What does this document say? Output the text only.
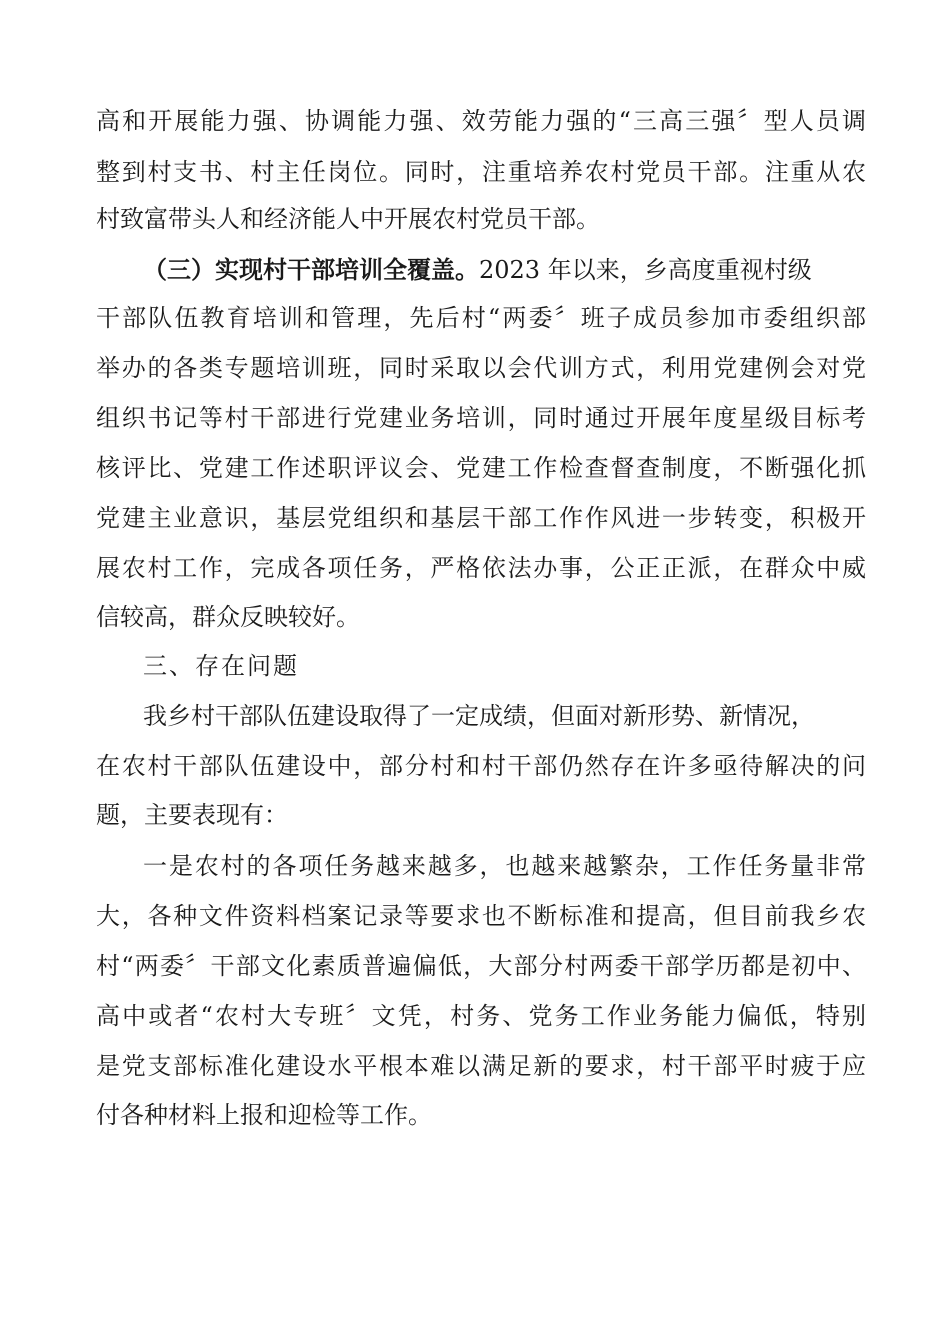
高和开展能力强、协调能力强、效劳能力强的“三高三强〞型人员调
整到村支书、村主任岗位。同时，注重培养农村党员干部。注重从农
村致富带头人和经济能人中开展农村党员干部。
（三）实现村干部培训全覆盖。2023 年以来，乡高度重视村级
干部队伍教育培训和管理，先后村“两委〞班子成员参加市委组织部
举办的各类专题培训班，同时采取以会代训方式，利用党建例会对党
组织书记等村干部进行党建业务培训，同时通过开展年度星级目标考
核评比、党建工作述职评议会、党建工作检查督查制度，不断强化抓
党建主业意识，基层党组织和基层干部工作作风进一步转变，积极开
展农村工作，完成各项任务，严格依法办事，公正正派，在群众中威
信较高，群众反映较好。
三、存在问题
我乡村干部队伍建设取得了一定成绩，但面对新形势、新情况，
在农村干部队伍建设中，部分村和村干部仍然存在许多亟待解决的问
题，主要表现有：
一是农村的各项任务越来越多，也越来越繁杂，工作任务量非常
大，各种文件资料档案记录等要求也不断标准和提高，但目前我乡农
村“两委〞干部文化素质普遍偏低，大部分村两委干部学历都是初中、
高中或者“农村大专班〞文凭，村务、党务工作业务能力偏低，特别
是党支部标准化建设水平根本难以满足新的要求，村干部平时疲于应
付各种材料上报和迎检等工作。
